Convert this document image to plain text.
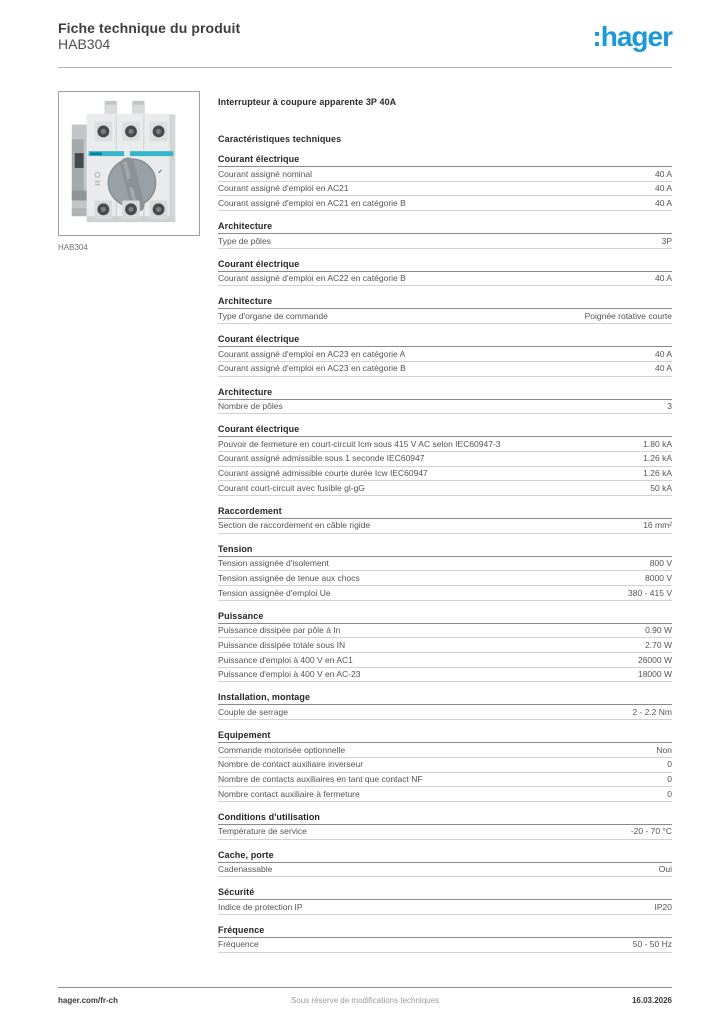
Fiche technique du produit
HAB304	:hager
HAB304
Interrupteur à coupure apparente 3P 40A
Caractéristiques techniques
Courant électrique
Courant assigné nominal	40 A
Courant assigné d'emploi en AC21	40 A
Courant assigné d'emploi en AC21 en catégorie B	40 A
Architecture
Type de pôles	3P
Courant électrique
Courant assigné d'emploi en AC22 en catégorie B	40 A
Architecture
Type d'organe de commande	Poignée rotative courte
Courant électrique
Courant assigné d'emploi en AC23 en catégorie A	40 A
Courant assigné d'emploi en AC23 en catégorie B	40 A
Architecture
Nombre de pôles	3
Courant électrique
Pouvoir de fermeture en court-circuit Icm sous 415 V AC selon IEC60947-3	1.80 kA
Courant assigné admissible sous 1 seconde IEC60947	1.26 kA
Courant assigné admissible courte durée Icw IEC60947	1.26 kA
Courant court-circuit avec fusible gl-gG	50 kA
Raccordement
Section de raccordement en câble rigide	16 mm²
Tension
Tension assignée d'isolement	800 V
Tension assignée de tenue aux chocs	8000 V
Tension assignée d'emploi Ue	380 - 415 V
Puissance
Puissance dissipée par pôle à In	0.90 W
Puissance dissipée totale sous IN	2.70 W
Puissance d'emploi à 400 V en AC1	26000 W
Puissance d'emploi à 400 V en AC-23	18000 W
Installation, montage
Couple de serrage	2 - 2.2 Nm
Equipement
Commande motorisée optionnelle	Non
Nombre de contact auxiliaire inverseur	0
Nombre de contacts auxiliaires en tant que contact NF	0
Nombre contact auxiliaire à fermeture	0
Conditions d'utilisation
Température de service	-20 - 70 °C
Cache, porte
Cadenassable	Oui
Sécurité
Indice de protection IP	IP20
Fréquence
Fréquence	50 - 50 Hz
hager.com/fr-ch	Sous réserve de modifications techniques	16.03.2026
